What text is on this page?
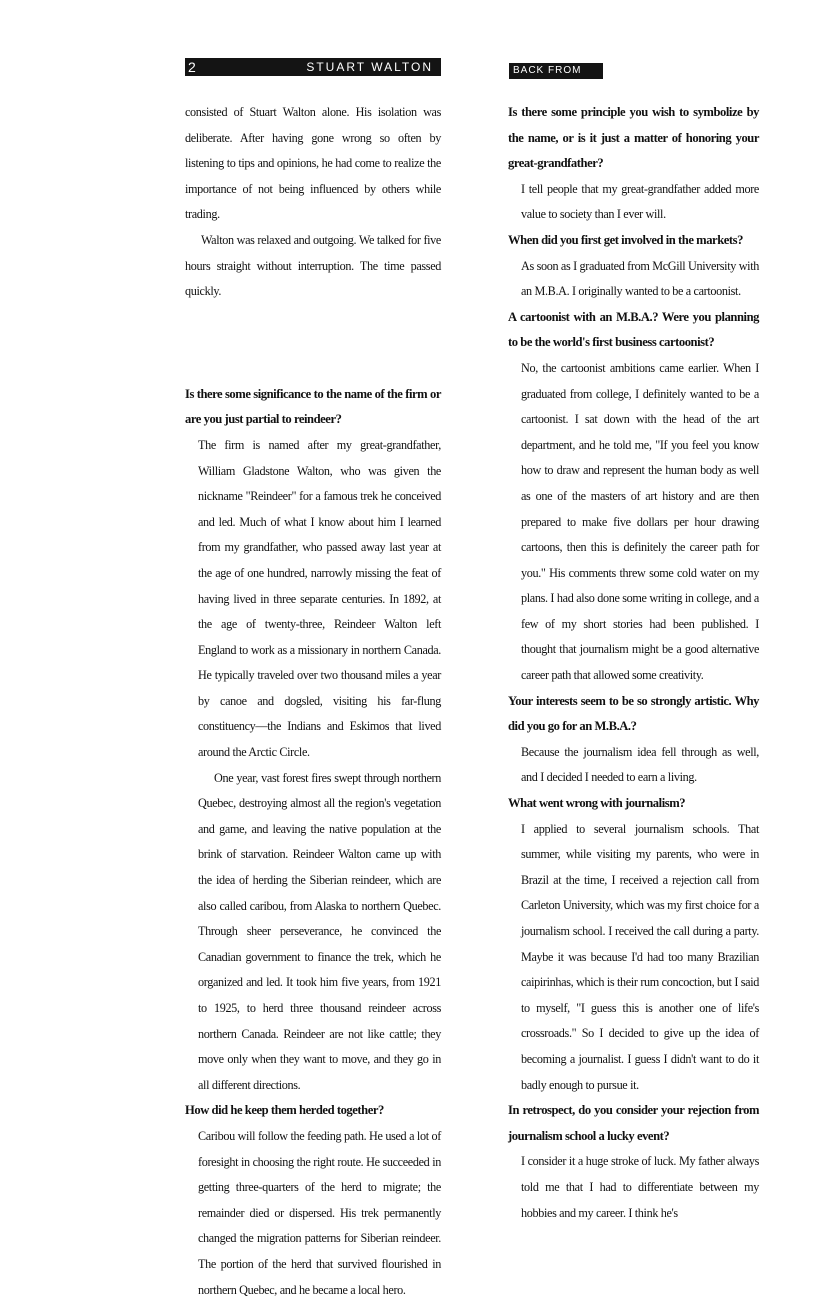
2	STUART WALTON	BACK FROM THE ABYSS

consisted of Stuart Walton alone. His isolation was deliberate. After having gone wrong so often by listening to tips and opinions, he had come to realize the importance of not being influenced by others while trading.

Walton was relaxed and outgoing. We talked for five hours straight without interruption. The time passed quickly.

Is there some significance to the name of the firm or are you just partial to reindeer?

The firm is named after my great-grandfather, William Gladstone Walton, who was given the nickname "Reindeer" for a famous trek he conceived and led. Much of what I know about him I learned from my grandfather, who passed away last year at the age of one hundred, narrowly missing the feat of having lived in three separate centuries. In 1892, at the age of twenty-three, Reindeer Walton left England to work as a missionary in northern Canada. He typically traveled over two thousand miles a year by canoe and dogsled, visiting his far-flung constituency—the Indians and Eskimos that lived around the Arctic Circle.

One year, vast forest fires swept through northern Quebec, destroying almost all the region's vegetation and game, and leaving the native population at the brink of starvation. Reindeer Walton came up with the idea of herding the Siberian reindeer, which are also called caribou, from Alaska to northern Quebec. Through sheer perseverance, he convinced the Canadian government to finance the trek, which he organized and led. It took him five years, from 1921 to 1925, to herd three thousand reindeer across northern Canada. Reindeer are not like cattle; they move only when they want to move, and they go in all different directions.

How did he keep them herded together?

Caribou will follow the feeding path. He used a lot of foresight in choosing the right route. He succeeded in getting three-quarters of the herd to migrate; the remainder died or dispersed. His trek permanently changed the migration patterns for Siberian reindeer. The portion of the herd that survived flourished in northern Quebec, and he became a local hero.

Is there some principle you wish to symbolize by the name, or is it just a matter of honoring your great-grandfather?

I tell people that my great-grandfather added more value to society than I ever will.

When did you first get involved in the markets?

As soon as I graduated from McGill University with an M.B.A. I originally wanted to be a cartoonist.

A cartoonist with an M.B.A.? Were you planning to be the world's first business cartoonist?

No, the cartoonist ambitions came earlier. When I graduated from college, I definitely wanted to be a cartoonist. I sat down with the head of the art department, and he told me, "If you feel you know how to draw and represent the human body as well as one of the masters of art history and are then prepared to make five dollars per hour drawing cartoons, then this is definitely the career path for you." His comments threw some cold water on my plans. I had also done some writing in college, and a few of my short stories had been published. I thought that journalism might be a good alternative career path that allowed some creativity.

Your interests seem to be so strongly artistic. Why did you go for an M.B.A.?

Because the journalism idea fell through as well, and I decided I needed to earn a living.

What went wrong with journalism?

I applied to several journalism schools. That summer, while visiting my parents, who were in Brazil at the time, I received a rejection call from Carleton University, which was my first choice for a journalism school. I received the call during a party. Maybe it was because I'd had too many Brazilian caipirinhas, which is their rum concoction, but I said to myself, "I guess this is another one of life's crossroads." So I decided to give up the idea of becoming a journalist. I guess I didn't want to do it badly enough to pursue it.

In retrospect, do you consider your rejection from journalism school a lucky event?

I consider it a huge stroke of luck. My father always told me that I had to differentiate between my hobbies and my career. I think he's
